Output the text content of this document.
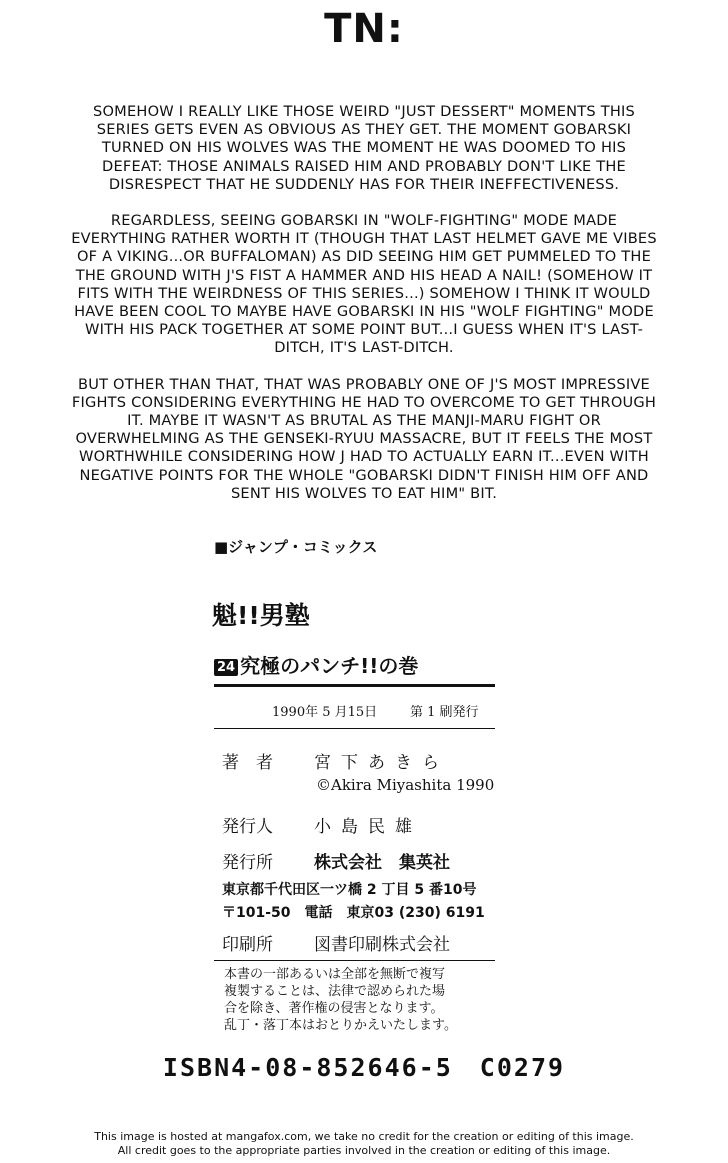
TN:

SOMEHOW I REALLY LIKE THOSE WEIRD "JUST DESSERT" MOMENTS THIS SERIES GETS EVEN AS OBVIOUS AS THEY GET. THE MOMENT GOBARSKI TURNED ON HIS WOLVES WAS THE MOMENT HE WAS DOOMED TO HIS DEFEAT: THOSE ANIMALS RAISED HIM AND PROBABLY DON'T LIKE THE DISRESPECT THAT HE SUDDENLY HAS FOR THEIR INEFFECTIVENESS.

REGARDLESS, SEEING GOBARSKI IN "WOLF-FIGHTING" MODE MADE EVERYTHING RATHER WORTH IT (THOUGH THAT LAST HELMET GAVE ME VIBES OF A VIKING...OR BUFFALOMAN) AS DID SEEING HIM GET PUMMELED TO THE THE GROUND WITH J'S FIST A HAMMER AND HIS HEAD A NAIL! (SOMEHOW IT FITS WITH THE WEIRDNESS OF THIS SERIES...) SOMEHOW I THINK IT WOULD HAVE BEEN COOL TO MAYBE HAVE GOBARSKI IN HIS "WOLF FIGHTING" MODE WITH HIS PACK TOGETHER AT SOME POINT BUT...I GUESS WHEN IT'S LAST-DITCH, IT'S LAST-DITCH.

BUT OTHER THAN THAT, THAT WAS PROBABLY ONE OF J'S MOST IMPRESSIVE FIGHTS CONSIDERING EVERYTHING HE HAD TO OVERCOME TO GET THROUGH IT. MAYBE IT WASN'T AS BRUTAL AS THE MANJI-MARU FIGHT OR OVERWHELMING AS THE GENSEKI-RYUU MASSACRE, BUT IT FEELS THE MOST WORTHWHILE CONSIDERING HOW J HAD TO ACTUALLY EARN IT...EVEN WITH NEGATIVE POINTS FOR THE WHOLE "GOBARSKI DIDN'T FINISH HIM OFF AND SENT HIS WOLVES TO EAT HIM" BIT.

■ジャンプ・コミックス
魁!!男塾
24 究極のパンチ!!の巻
1990年 5 月15日	第 1 刷発行
著　者 宮下あきら
©Akira Miyashita 1990
発行人 小島民雄
発行所 株式会社　集英社
東京都千代田区一ツ橋 2 丁目 5 番10号
〒101-50　電話　東京03 (230) 6191
印刷所 図書印刷株式会社
本書の一部あるいは全部を無断で複写
複製することは、法律で認められた場
合を除き、著作権の侵害となります。
乱丁・落丁本はおとりかえいたします。
ISBN4-08-852646-5　C0279
This image is hosted at mangafox.com, we take no credit for the creation or editing of this image.
All credit goes to the appropriate parties involved in the creation or editing of this image.
